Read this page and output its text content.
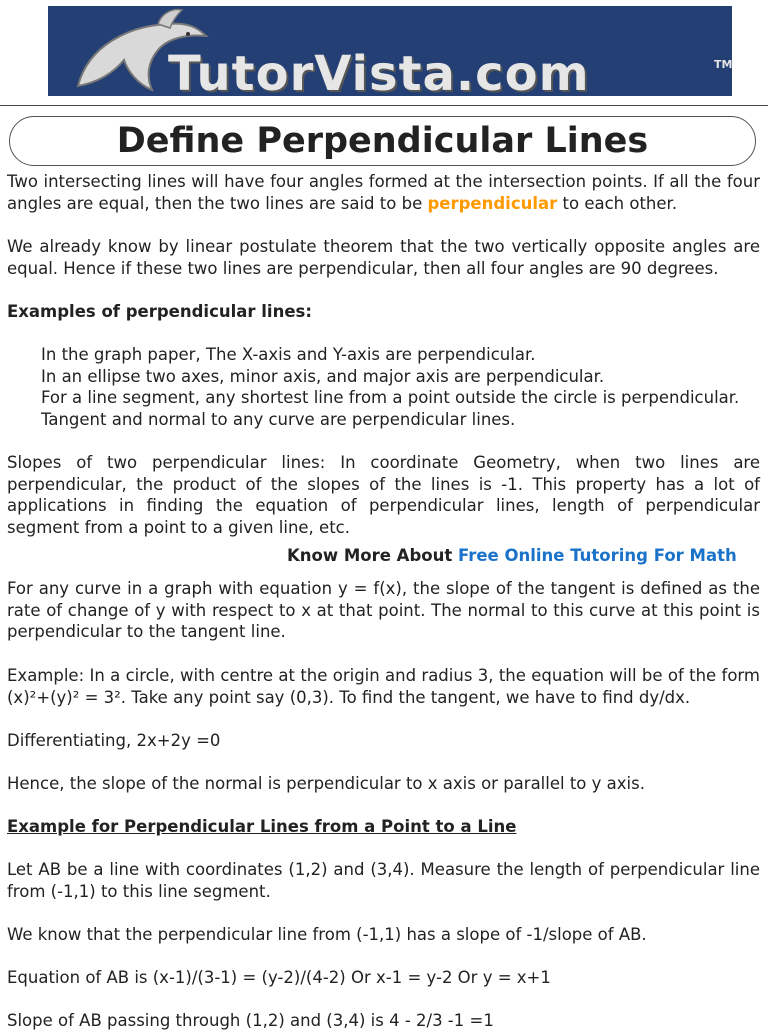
TutorVista.com	TM
Define Perpendicular Lines

Two intersecting lines will have four angles formed at the intersection points. If all the four angles are equal, then the two lines are said to be perpendicular to each other.

We already know by linear postulate theorem that the two vertically opposite angles are equal. Hence if these two lines are perpendicular, then all four angles are 90 degrees.

Examples of perpendicular lines:

In the graph paper, The X-axis and Y-axis are perpendicular.
In an ellipse two axes, minor axis, and major axis are perpendicular.
For a line segment, any shortest line from a point outside the circle is perpendicular.
Tangent and normal to any curve are perpendicular lines.

Slopes of two perpendicular lines: In coordinate Geometry, when two lines are perpendicular, the product of the slopes of the lines is -1. This property has a lot of applications in finding the equation of perpendicular lines, length of perpendicular segment from a point to a given line, etc.

Know More About Free Online Tutoring For Math

For any curve in a graph with equation y = f(x), the slope of the tangent is defined as the rate of change of y with respect to x at that point. The normal to this curve at this point is perpendicular to the tangent line.

Example: In a circle, with centre at the origin and radius 3, the equation will be of the form (x)²+(y)² = 3². Take any point say (0,3). To find the tangent, we have to find dy/dx.

Differentiating, 2x+2y =0

Hence, the slope of the normal is perpendicular to x axis or parallel to y axis.

Example for Perpendicular Lines from a Point to a Line

Let AB be a line with coordinates (1,2) and (3,4). Measure the length of perpendicular line from (-1,1) to this line segment.

We know that the perpendicular line from (-1,1) has a slope of -1/slope of AB.

Equation of AB is (x-1)/(3-1) = (y-2)/(4-2) Or x-1 = y-2 Or y = x+1

Slope of AB passing through (1,2) and (3,4) is 4 - 2/3 -1 =1
